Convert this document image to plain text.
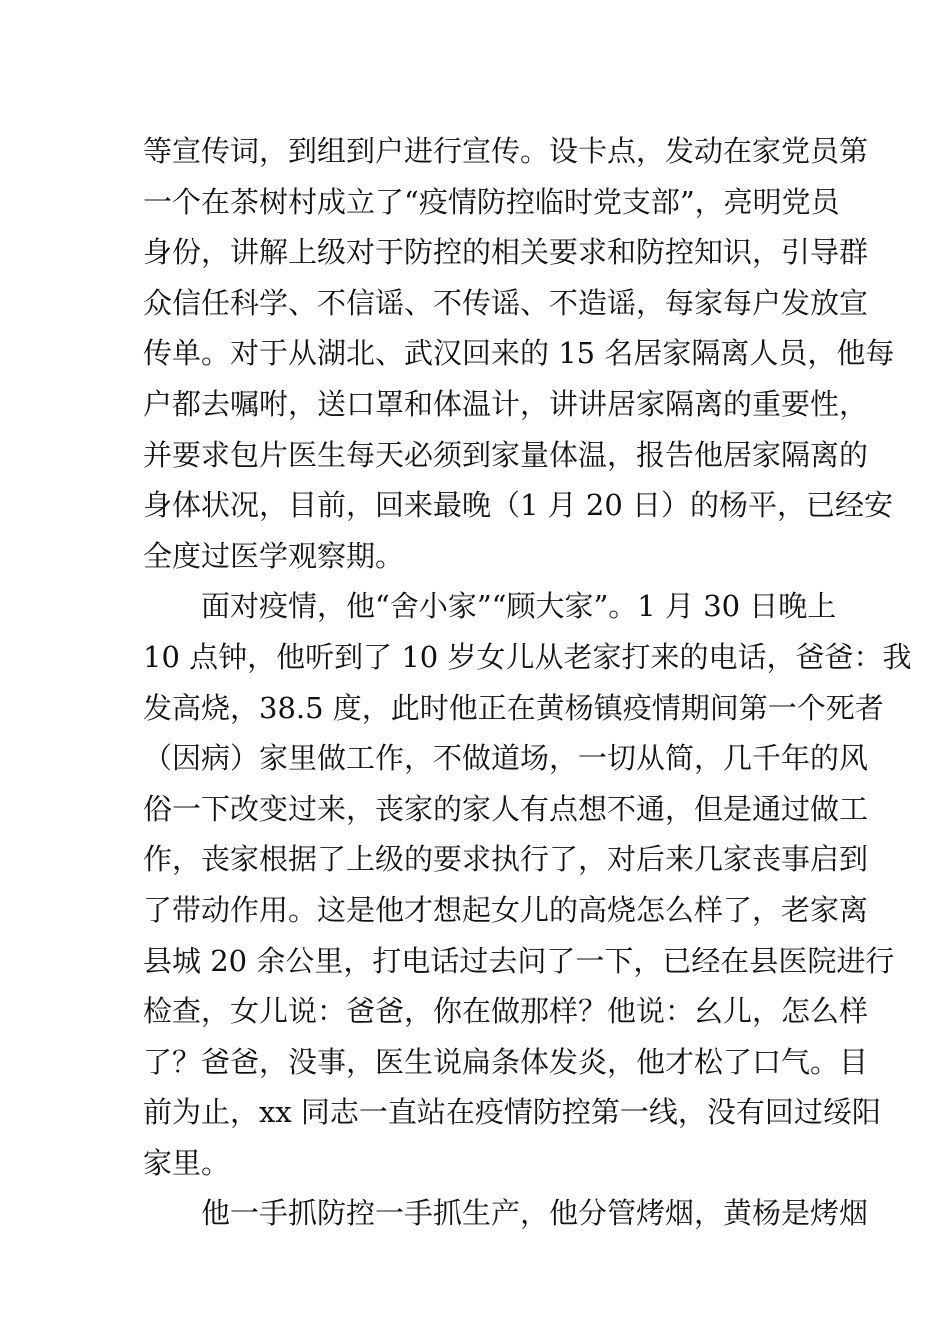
等宣传词，到组到户进行宣传。设卡点，发动在家党员第
一个在茶树村成立了“疫情防控临时党支部”，亮明党员
身份，讲解上级对于防控的相关要求和防控知识，引导群
众信任科学、不信谣、不传谣、不造谣，每家每户发放宣
传单。对于从湖北、武汉回来的 15 名居家隔离人员，他每
户都去嘱咐，送口罩和体温计，讲讲居家隔离的重要性，
并要求包片医生每天必须到家量体温，报告他居家隔离的
身体状况，目前，回来最晚（1 月 20 日）的杨平，已经安
全度过医学观察期。
面对疫情，他“舍小家”“顾大家”。1 月 30 日晚上
10 点钟，他听到了 10 岁女儿从老家打来的电话，爸爸：我
发高烧，38.5 度，此时他正在黄杨镇疫情期间第一个死者
（因病）家里做工作，不做道场，一切从简，几千年的风
俗一下改变过来，丧家的家人有点想不通，但是通过做工
作，丧家根据了上级的要求执行了，对后来几家丧事启到
了带动作用。这是他才想起女儿的高烧怎么样了，老家离
县城 20 余公里，打电话过去问了一下，已经在县医院进行
检查，女儿说：爸爸，你在做那样？他说：幺儿，怎么样
了？爸爸，没事，医生说扁条体发炎，他才松了口气。目
前为止，xx 同志一直站在疫情防控第一线，没有回过绥阳
家里。
他一手抓防控一手抓生产，他分管烤烟，黄杨是烤烟
